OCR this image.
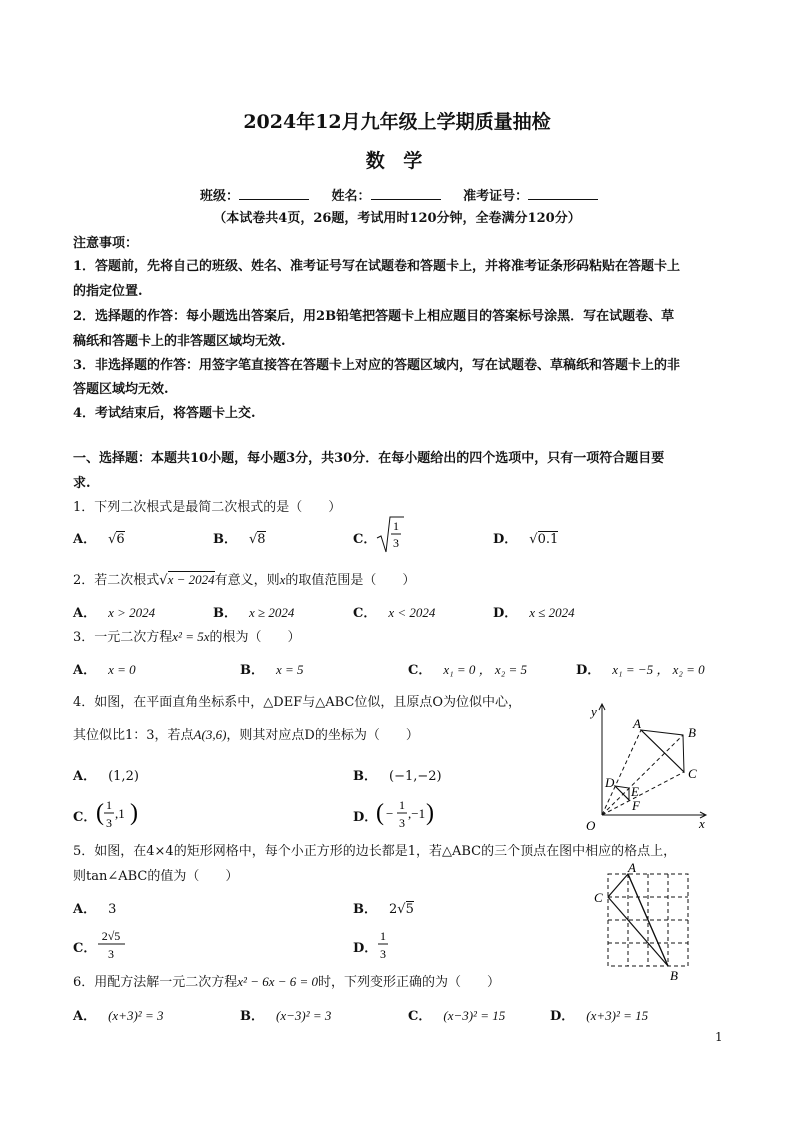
2024年12月九年级上学期质量抽检
数 学
班级：	姓名：	准考证号：
（本试卷共4页，26题，考试用时120分钟，全卷满分120分）
注意事项：
1．答题前，先将自己的班级、姓名、准考证号写在试题卷和答题卡上，并将准考证条形码粘贴在答题卡上
的指定位置.
2．选择题的作答：每小题选出答案后，用2B铅笔把答题卡上相应题目的答案标号涂黑．写在试题卷、草
稿纸和答题卡上的非答题区域均无效.
3．非选择题的作答：用签字笔直接答在答题卡上对应的答题区域内，写在试题卷、草稿纸和答题卡上的非
答题区域均无效.
4．考试结束后，将答题卡上交.
一、选择题：本题共10小题，每小题3分，共30分．在每小题给出的四个选项中，只有一项符合题目要
求.
1．下列二次根式是最简二次根式的是（　　）
A． √6	B． √8	C．
1
3	D． √0.1
2．若二次根式√x − 2024有意义，则x的取值范围是（　　）
A． x > 2024	B． x ≥ 2024	C． x < 2024	D． x ≤ 2024
3．一元二次方程x² = 5x的根为（　　）
A． x = 0	B． x = 5	C． x₁ = 0 ， x₂ = 5	D． x₁ = −5 ， x₂ = 0
4．如图，在平面直角坐标系中，△DEF与△ABC位似，且原点O为位似中心，
其位似比1：3，若点A(3,6)，则其对应点D的坐标为（　　）
A． (1,2)	B． (−1,−2)
C． ( 1
3
,1 )	D．
( −
1
3
,−1 )
A
B
C
D
E
F
O	x
y
5．如图，在4×4的矩形网格中，每个小正方形的边长都是1，若△ABC的三个顶点在图中相应的格点上，
则tan∠ABC的值为（　　）
A． 3	B． 2√5
C．
2√5
3	D．
1
3
A
B
C
6．用配方法解一元二次方程x² − 6x − 6 = 0时，下列变形正确的为（　　）
A． (x+3)² = 3	B． (x−3)² = 3	C． (x−3)² = 15	D． (x+3)² = 15
1
